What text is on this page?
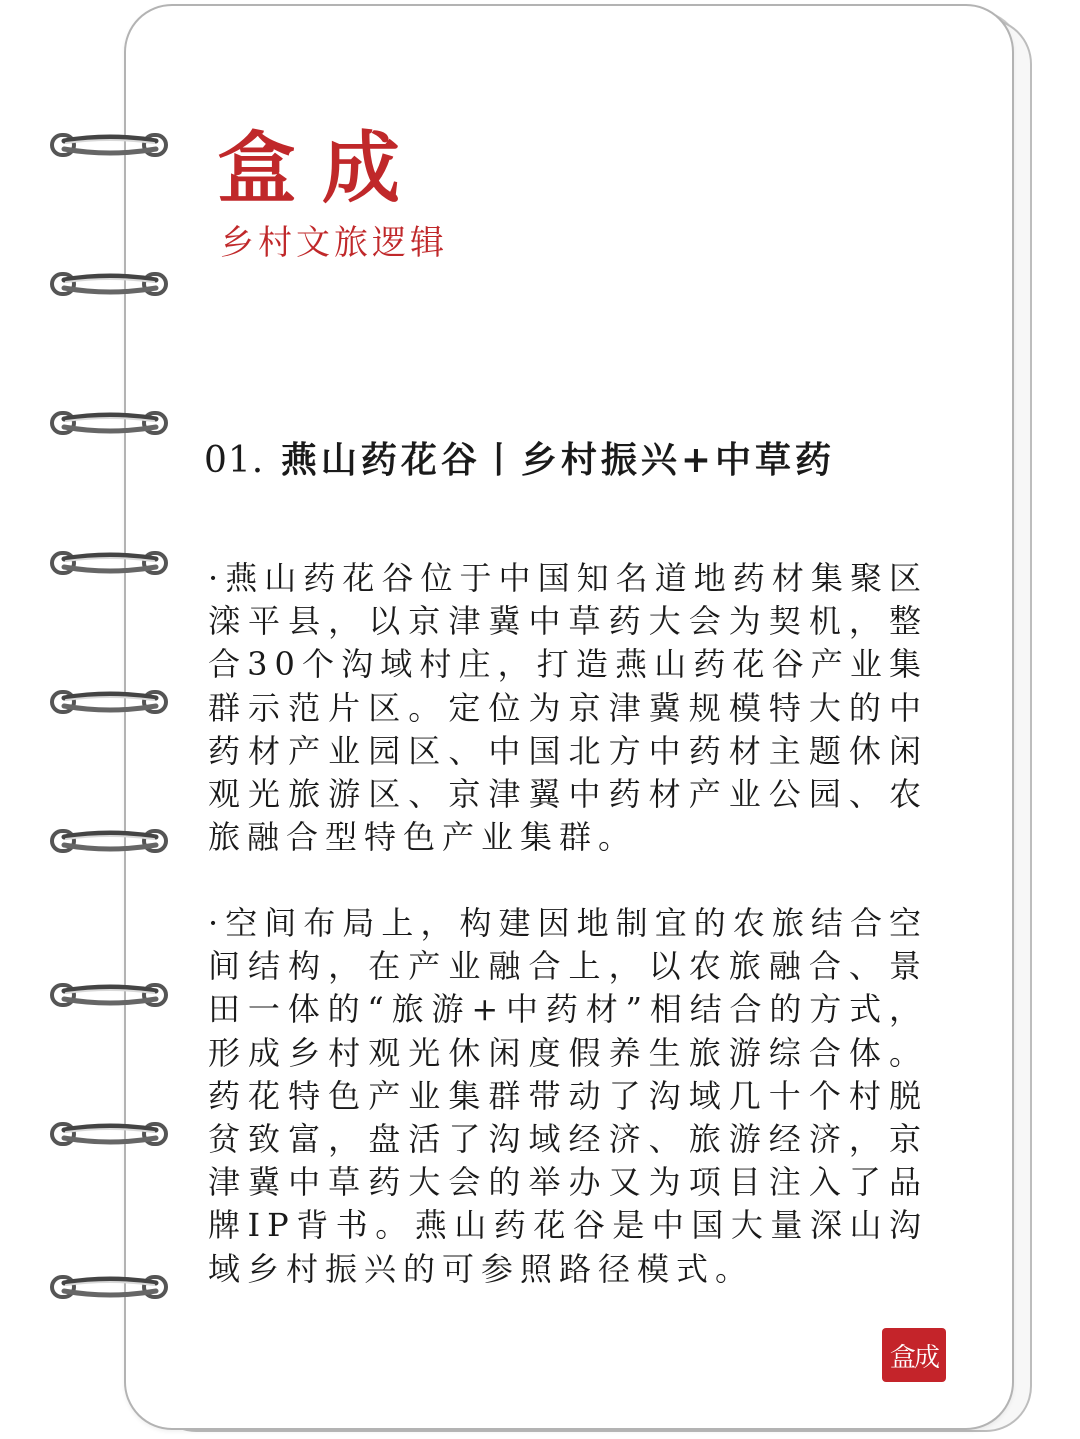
盒成
乡村文旅逻辑
01. 燕山药花谷丨乡村振兴+中草药

·燕山药花谷位于中国知名道地药材集聚区滦平县，以京津冀中草药大会为契机，整合30个沟域村庄，打造燕山药花谷产业集群示范片区。定位为京津冀规模特大的中药材产业园区、中国北方中药材主题休闲观光旅游区、京津翼中药材产业公园、农旅融合型特色产业集群。

·空间布局上，构建因地制宜的农旅结合空间结构，在产业融合上，以农旅融合、景田一体的“旅游+中药材”相结合的方式，形成乡村观光休闲度假养生旅游综合体。药花特色产业集群带动了沟域几十个村脱贫致富，盘活了沟域经济、旅游经济，京津冀中草药大会的举办又为项目注入了品牌IP背书。燕山药花谷是中国大量深山沟域乡村振兴的可参照路径模式。

盒成
